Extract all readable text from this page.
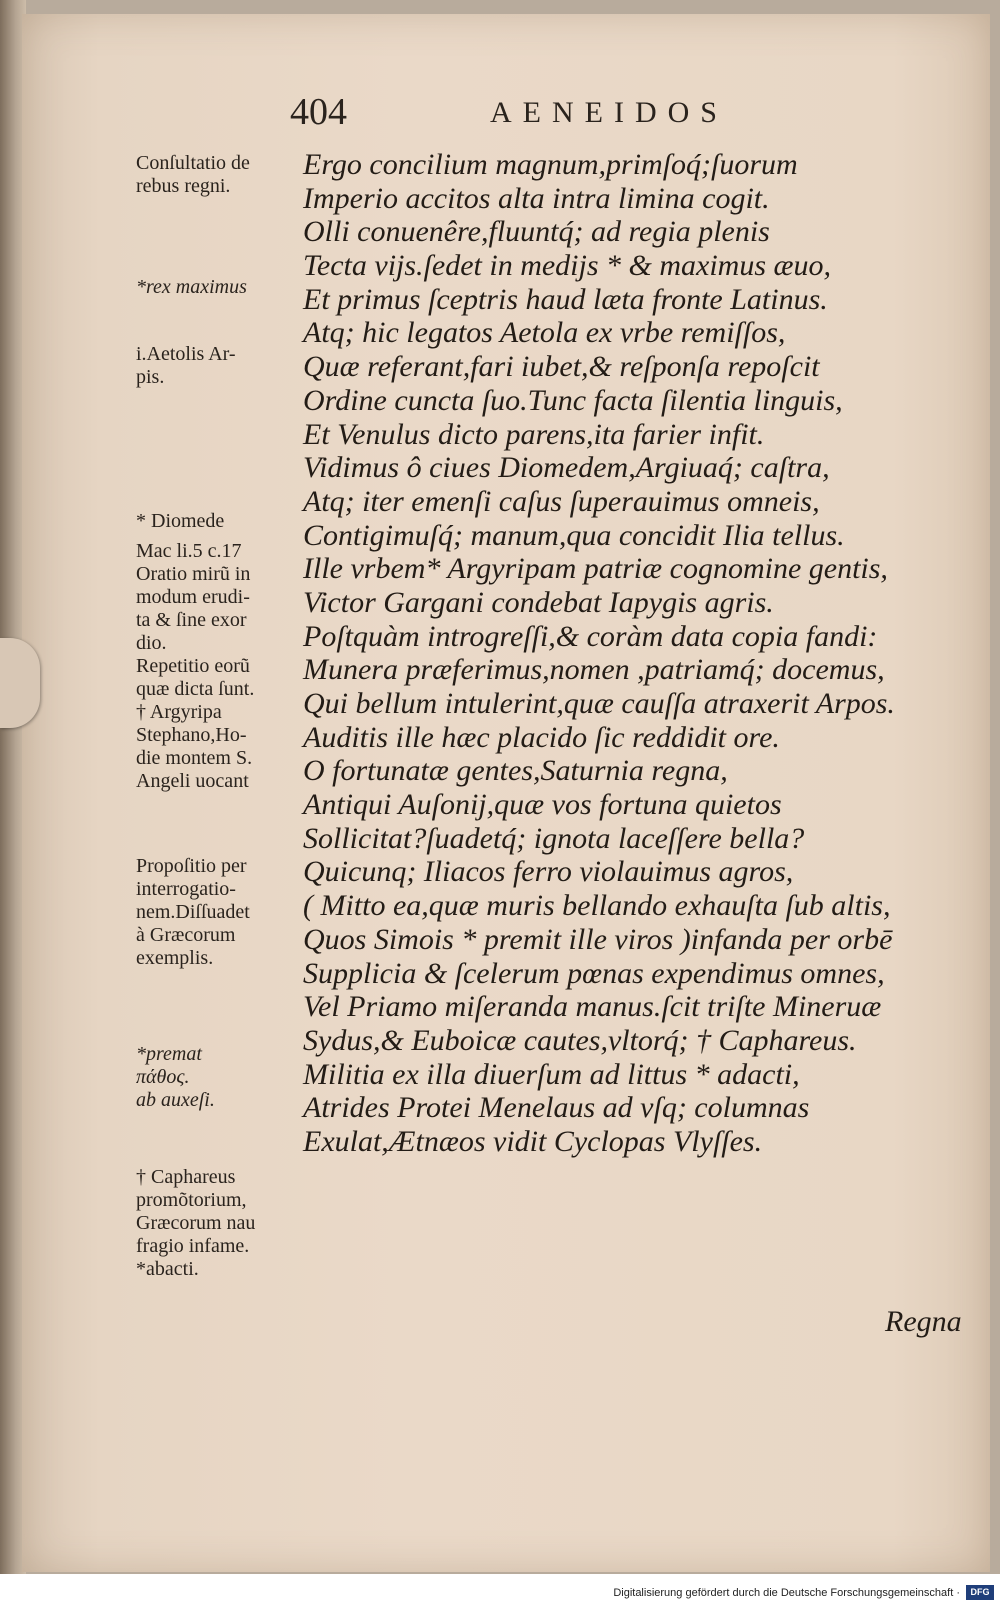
404	AENEIDOS
Ergo concilium magnum,primſoq́;ſuorum
Imperio accitos alta intra limina cogit.
Olli conuenêre,fluuntq́; ad regia plenis
Tecta vijs.ſedet in medijs * & maximus æuo,
Et primus ſceptris haud læta fronte Latinus.
Atq; hic legatos Aetola ex vrbe remiſſos,
Quæ referant,fari iubet,& reſponſa repoſcit
Ordine cuncta ſuo.Tunc facta ſilentia linguis,
Et Venulus dicto parens,ita farier infit.
Vidimus ô ciues Diomedem,Argiuaq́; caſtra,
Atq; iter emenſi caſus ſuperauimus omneis,
Contigimuſq́; manum,qua concidit Ilia tellus.
Ille vrbem* Argyripam patriæ cognomine gentis,
Victor Gargani condebat Iapygis agris.
Poſtquàm introgreſſi,& coràm data copia fandi:
Munera præferimus,nomen ,patriamq́; docemus,
Qui bellum intulerint,quæ cauſſa atraxerit Arpos.
Auditis ille hæc placido ſic reddidit ore.
O fortunatæ gentes,Saturnia regna,
Antiqui Auſonij,quæ vos fortuna quietos
Sollicitat?ſuadetq́; ignota laceſſere bella?
Quicunq; Iliacos ferro violauimus agros,
( Mitto ea,quæ muris bellando exhauſta ſub altis,
Quos Simois * premit ille viros )infanda per orbē
Supplicia & ſcelerum pœnas expendimus omnes,
Vel Priamo miſeranda manus.ſcit triſte Mineruæ
Sydus,& Euboicæ cautes,vltorq́; † Caphareus.
Militia ex illa diuerſum ad littus * adacti,
Atrides Protei Menelaus ad vſq; columnas
Exulat,Ætnæos vidit Cyclopas Vlyſſes.
Regna
Conſultatio de
rebus regni.
*rex maximus
i.Aetolis Ar-
pis.
* Diomede
Mac li.5 c.17
Oratio mirũ in
modum erudi-
ta & ſine exor
dio.
Repetitio eorũ
quæ dicta ſunt.
† Argyripa
Stephano,Ho-
die montem S.
Angeli uocant
Propoſitio per
interrogatio-
nem.Diſſuadet
à Græcorum
exemplis.
*premat
πάθος.
ab auxeſi.
† Caphareus
promõtorium,
Græcorum nau
fragio infame.
*abacti.
Digitalisierung gefördert durch die Deutsche Forschungsgemeinschaft ·	DFG
